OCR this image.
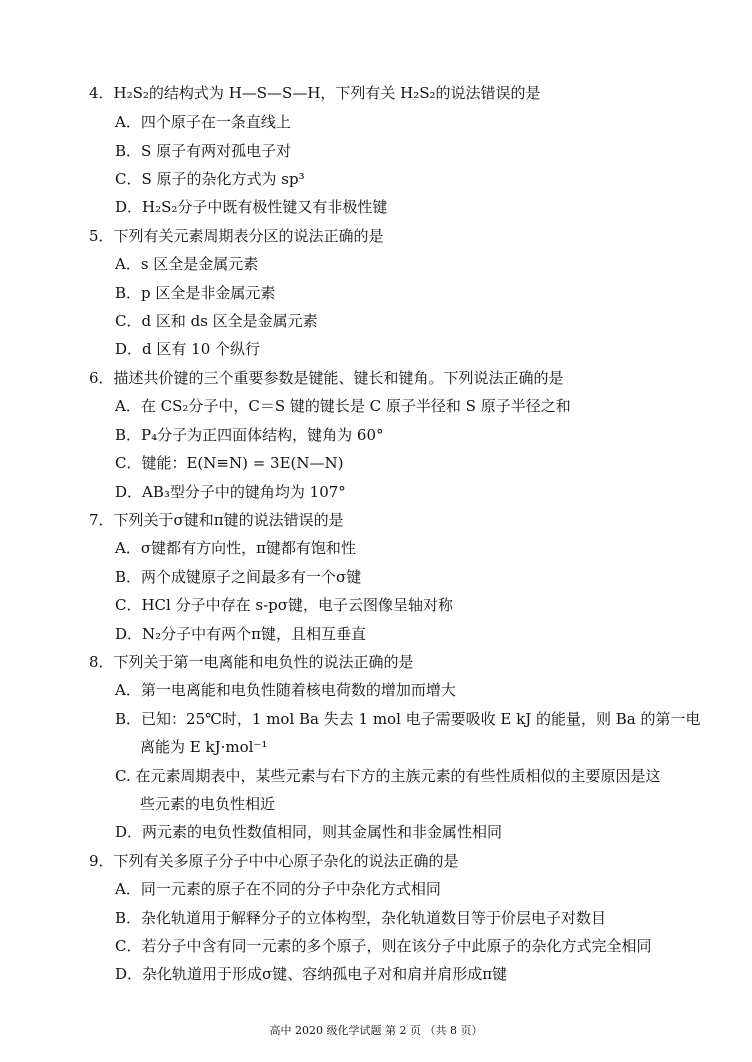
4．H₂S₂的结构式为 H—S—S—H，下列有关 H₂S₂的说法错误的是
A．四个原子在一条直线上
B．S 原子有两对孤电子对
C．S 原子的杂化方式为 sp³
D．H₂S₂分子中既有极性键又有非极性键
5．下列有关元素周期表分区的说法正确的是
A．s 区全是金属元素
B．p 区全是非金属元素
C．d 区和 ds 区全是金属元素
D．d 区有 10 个纵行
6．描述共价键的三个重要参数是键能、键长和键角。下列说法正确的是
A．在 CS₂分子中，C＝S 键的键长是 C 原子半径和 S 原子半径之和
B．P₄分子为正四面体结构，键角为 60°
C．键能：E(N≡N) = 3E(N—N)
D．AB₃型分子中的键角均为 107°
7．下列关于σ键和π键的说法错误的是
A．σ键都有方向性，π键都有饱和性
B．两个成键原子之间最多有一个σ键
C．HCl 分子中存在 s-pσ键，电子云图像呈轴对称
D．N₂分子中有两个π键，且相互垂直
8．下列关于第一电离能和电负性的说法正确的是
A．第一电离能和电负性随着核电荷数的增加而增大
B．已知：25℃时，1 mol Ba 失去 1 mol 电子需要吸收 E kJ 的能量，则 Ba 的第一电
离能为 E kJ·mol⁻¹
C. 在元素周期表中，某些元素与右下方的主族元素的有些性质相似的主要原因是这
些元素的电负性相近
D．两元素的电负性数值相同，则其金属性和非金属性相同
9．下列有关多原子分子中中心原子杂化的说法正确的是
A．同一元素的原子在不同的分子中杂化方式相同
B．杂化轨道用于解释分子的立体构型，杂化轨道数目等于价层电子对数目
C．若分子中含有同一元素的多个原子，则在该分子中此原子的杂化方式完全相同
D．杂化轨道用于形成σ键、容纳孤电子对和肩并肩形成π键
高中 2020 级化学试题 第 2 页 （共 8 页）
